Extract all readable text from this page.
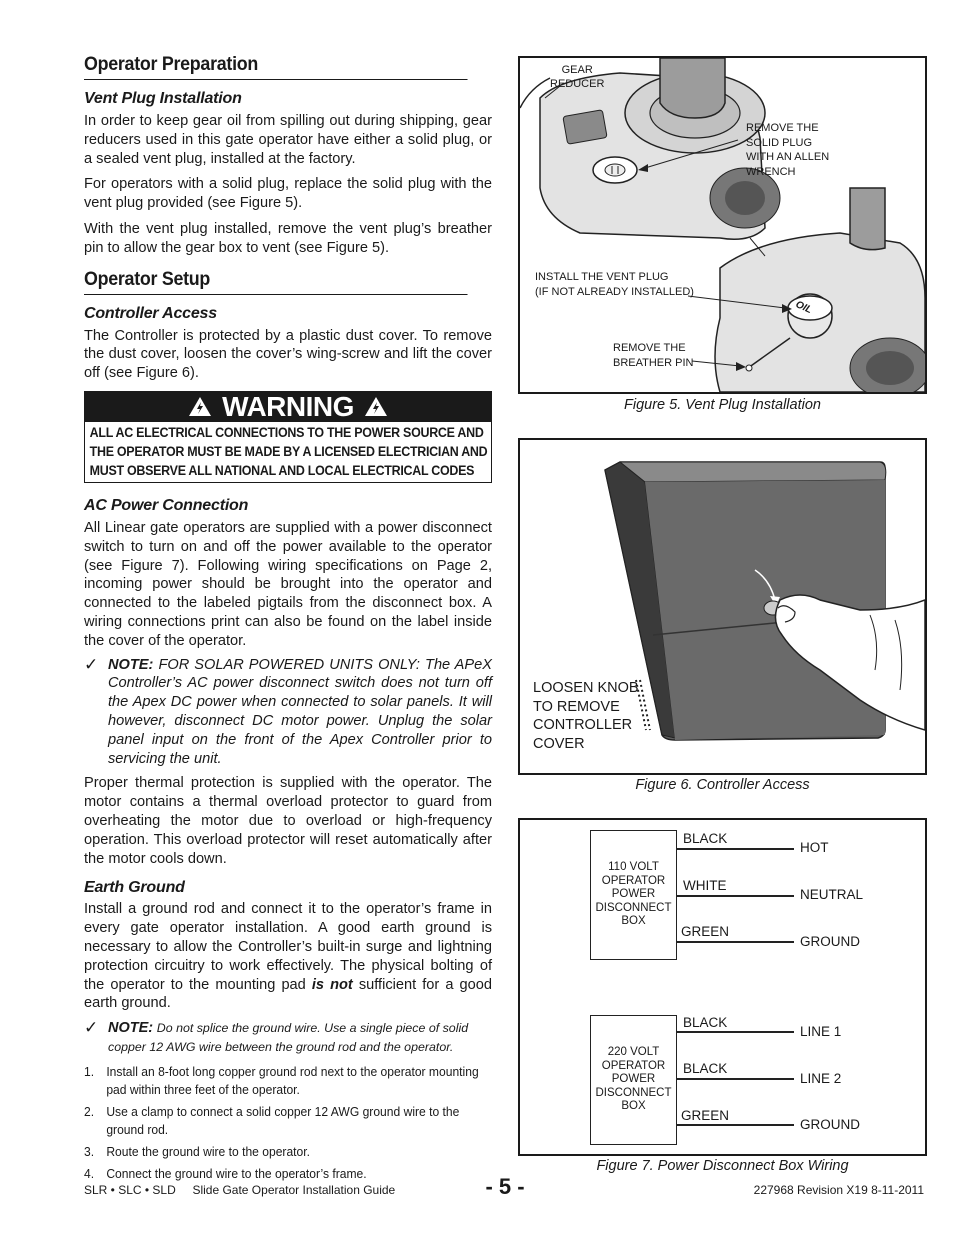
Operator Preparation
Vent Plug Installation

In order to keep gear oil from spilling out during shipping, gear reducers used in this gate operator have either a solid plug, or a sealed vent plug, installed at the factory.

For operators with a solid plug, replace the solid plug with the vent plug provided (see Figure 5).

With the vent plug installed, remove the vent plug’s breather pin to allow the gear box to vent (see Figure 5).

Operator Setup
Controller Access

The Controller is protected by a plastic dust cover. To remove the dust cover, loosen the cover’s wing-screw and lift the cover off (see Figure 6).

WARNING
ALL AC ELECTRICAL CONNECTIONS TO THE POWER SOURCE AND THE OPERATOR MUST BE MADE BY A LICENSED ELECTRICIAN AND MUST OBSERVE ALL NATIONAL AND LOCAL ELECTRICAL CODES
AC Power Connection

All Linear gate operators are supplied with a power disconnect switch to turn on and off the power available to the operator (see Figure 7). Following wiring specifications on Page 2, incoming power should be brought into the operator and connected to the labeled pigtails from the disconnect box. A wiring connections print can also be found on the label inside the cover of the operator.

✓ NOTE: FOR SOLAR POWERED UNITS ONLY: The APeX Controller’s AC power disconnect switch does not turn off the Apex DC power when connected to solar panels. It will however, disconnect DC motor power. Unplug the solar panel input on the front of the Apex Controller prior to servicing the unit.

Proper thermal protection is supplied with the operator. The motor contains a thermal overload protector to guard from overheating the motor due to overload or high-frequency operation. This overload protector will reset automatically after the motor cools down.

Earth Ground

Install a ground rod and connect it to the operator’s frame in every gate operator installation. A good earth ground is necessary to allow the Controller’s built-in surge and lightning protection circuitry to work effectively. The physical bolting of the operator to the mounting pad is not sufficient for a good earth ground.

✓ NOTE: Do not splice the ground wire. Use a single piece of solid copper 12 AWG wire between the ground rod and the operator.

1. Install an 8-foot long copper ground rod next to the operator mounting pad within three feet of the operator.
2. Use a clamp to connect a solid copper 12 AWG ground wire to the ground rod.
3. Route the ground wire to the operator.
4. Connect the ground wire to the operator’s frame.
OIL
GEAR
REDUCER
REMOVE THE
SOLID PLUG
WITH AN ALLEN
WRENCH
INSTALL THE VENT PLUG
(IF NOT ALREADY INSTALLED)
REMOVE THE
BREATHER PIN
Figure 5. Vent Plug Installation
LOOSEN KNOB
TO REMOVE
CONTROLLER
COVER
Figure 6. Controller Access
110 VOLT
OPERATOR
POWER
DISCONNECT
BOX
BLACK
WHITE
GREEN
HOT
NEUTRAL
GROUND
220 VOLT
OPERATOR
POWER
DISCONNECT
BOX
BLACK
BLACK
GREEN
LINE 1
LINE 2
GROUND
Figure 7. Power Disconnect Box Wiring
SLR • SLC • SLD     Slide Gate Operator Installation Guide	- 5 -	227968 Revision X19 8-11-2011
